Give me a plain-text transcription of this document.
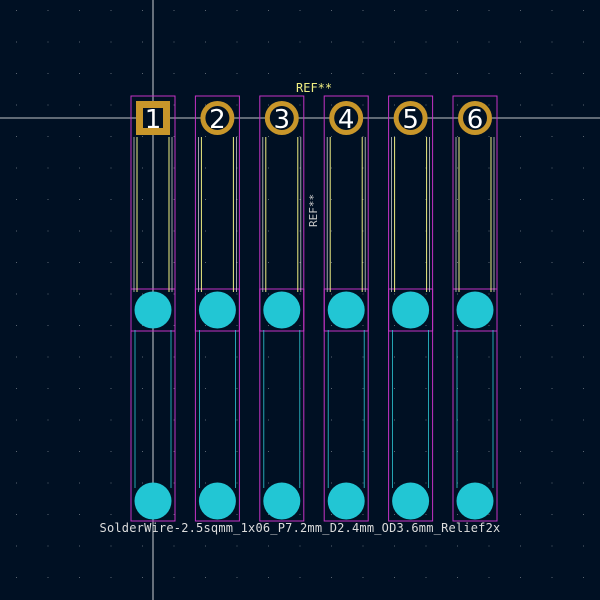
1 2 3 4 5 6
REF**
REF**
SolderWire-2.5sqmm_1x06_P7.2mm_D2.4mm_OD3.6mm_Relief2x
